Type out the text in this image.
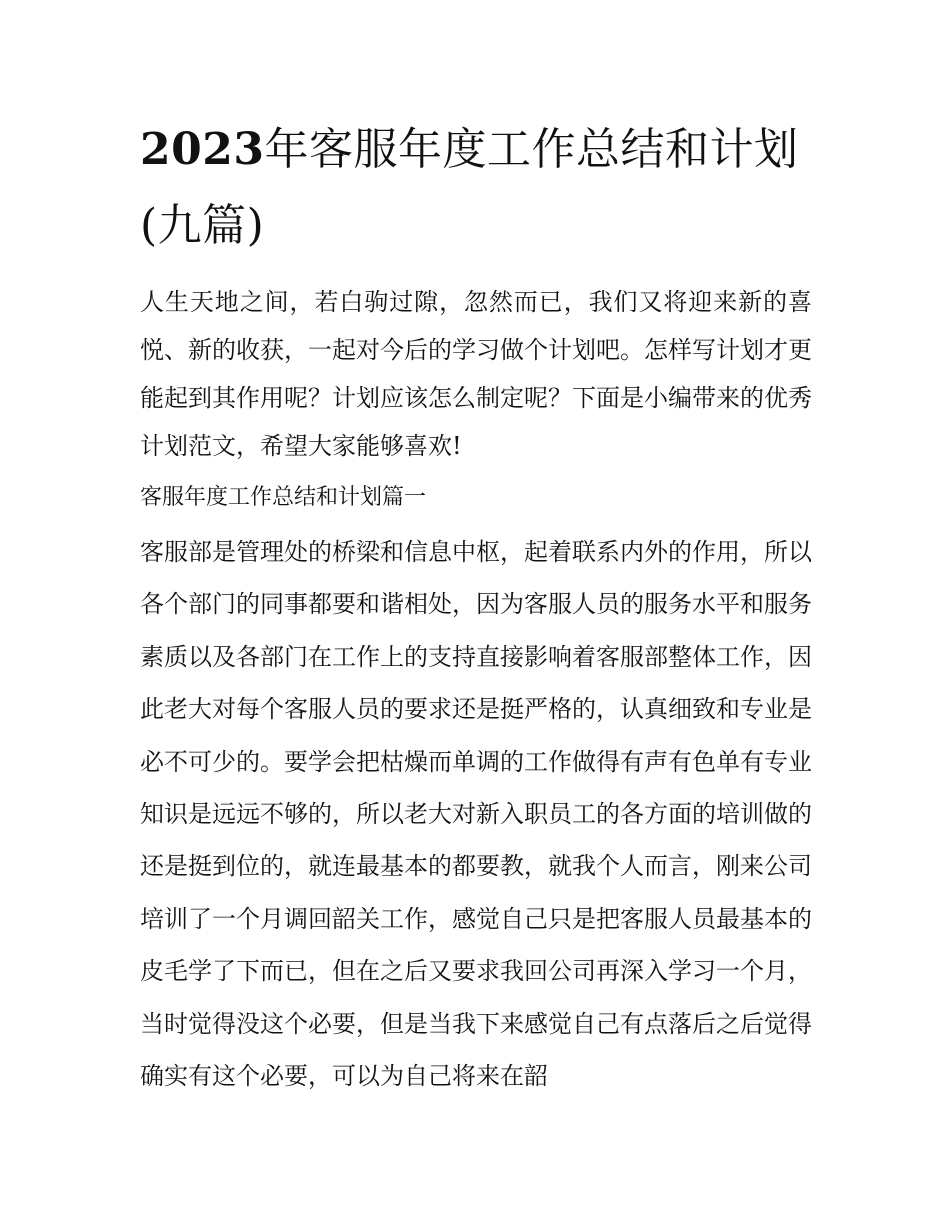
2023年客服年度工作总结和计划(九篇)

人生天地之间，若白驹过隙，忽然而已，我们又将迎来新的喜悦、新的收获，一起对今后的学习做个计划吧。怎样写计划才更能起到其作用呢？计划应该怎么制定呢？下面是小编带来的优秀计划范文，希望大家能够喜欢!

客服年度工作总结和计划篇一

客服部是管理处的桥梁和信息中枢，起着联系内外的作用，所以各个部门的同事都要和谐相处，因为客服人员的服务水平和服务素质以及各部门在工作上的支持直接影响着客服部整体工作，因此老大对每个客服人员的要求还是挺严格的，认真细致和专业是必不可少的。要学会把枯燥而单调的工作做得有声有色单有专业知识是远远不够的，所以老大对新入职员工的各方面的培训做的还是挺到位的，就连最基本的都要教，就我个人而言，刚来公司培训了一个月调回韶关工作，感觉自己只是把客服人员最基本的皮毛学了下而已，但在之后又要求我回公司再深入学习一个月，当时觉得没这个必要，但是当我下来感觉自己有点落后之后觉得确实有这个必要，可以为自己将来在韶
